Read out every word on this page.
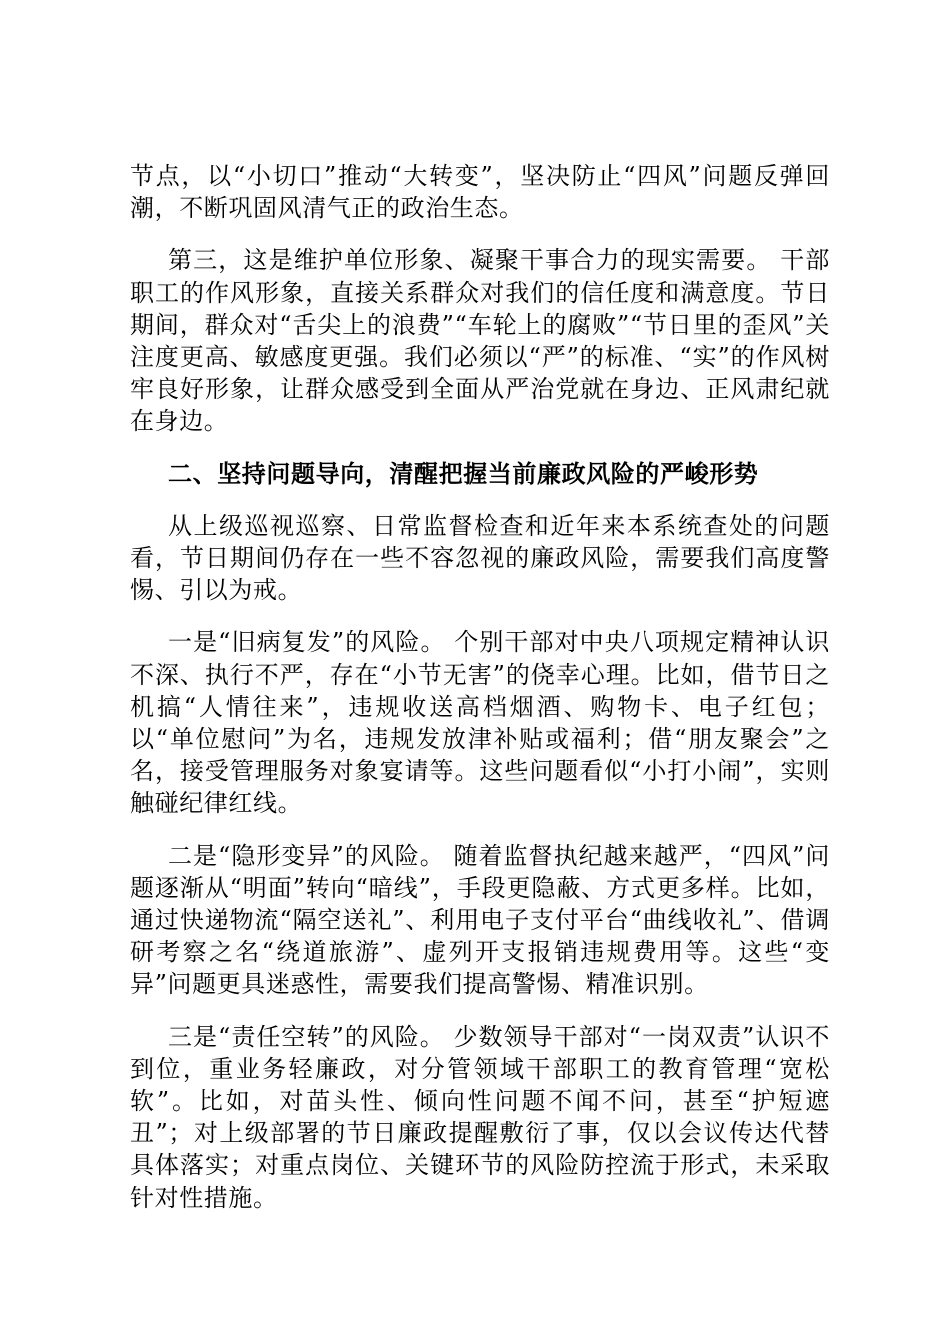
节点，以“小切口”推动“大转变”，坚决防止“四风”问题反弹回潮，不断巩固风清气正的政治生态。

第三，这是维护单位形象、凝聚干事合力的现实需要。 干部职工的作风形象，直接关系群众对我们的信任度和满意度。节日期间，群众对“舌尖上的浪费”“车轮上的腐败”“节日里的歪风”关注度更高、敏感度更强。我们必须以“严”的标准、“实”的作风树牢良好形象，让群众感受到全面从严治党就在身边、正风肃纪就在身边。

二、坚持问题导向，清醒把握当前廉政风险的严峻形势

从上级巡视巡察、日常监督检查和近年来本系统查处的问题看，节日期间仍存在一些不容忽视的廉政风险，需要我们高度警惕、引以为戒。

一是“旧病复发”的风险。 个别干部对中央八项规定精神认识不深、执行不严，存在“小节无害”的侥幸心理。比如，借节日之机搞“人情往来”，违规收送高档烟酒、购物卡、电子红包；以“单位慰问”为名，违规发放津补贴或福利；借“朋友聚会”之名，接受管理服务对象宴请等。这些问题看似“小打小闹”，实则触碰纪律红线。

二是“隐形变异”的风险。 随着监督执纪越来越严，“四风”问题逐渐从“明面”转向“暗线”，手段更隐蔽、方式更多样。比如，通过快递物流“隔空送礼”、利用电子支付平台“曲线收礼”、借调研考察之名“绕道旅游”、虚列开支报销违规费用等。这些“变异”问题更具迷惑性，需要我们提高警惕、精准识别。

三是“责任空转”的风险。 少数领导干部对“一岗双责”认识不到位，重业务轻廉政，对分管领域干部职工的教育管理“宽松软”。比如，对苗头性、倾向性问题不闻不问，甚至“护短遮丑”；对上级部署的节日廉政提醒敷衍了事，仅以会议传达代替具体落实；对重点岗位、关键环节的风险防控流于形式，未采取针对性措施。
